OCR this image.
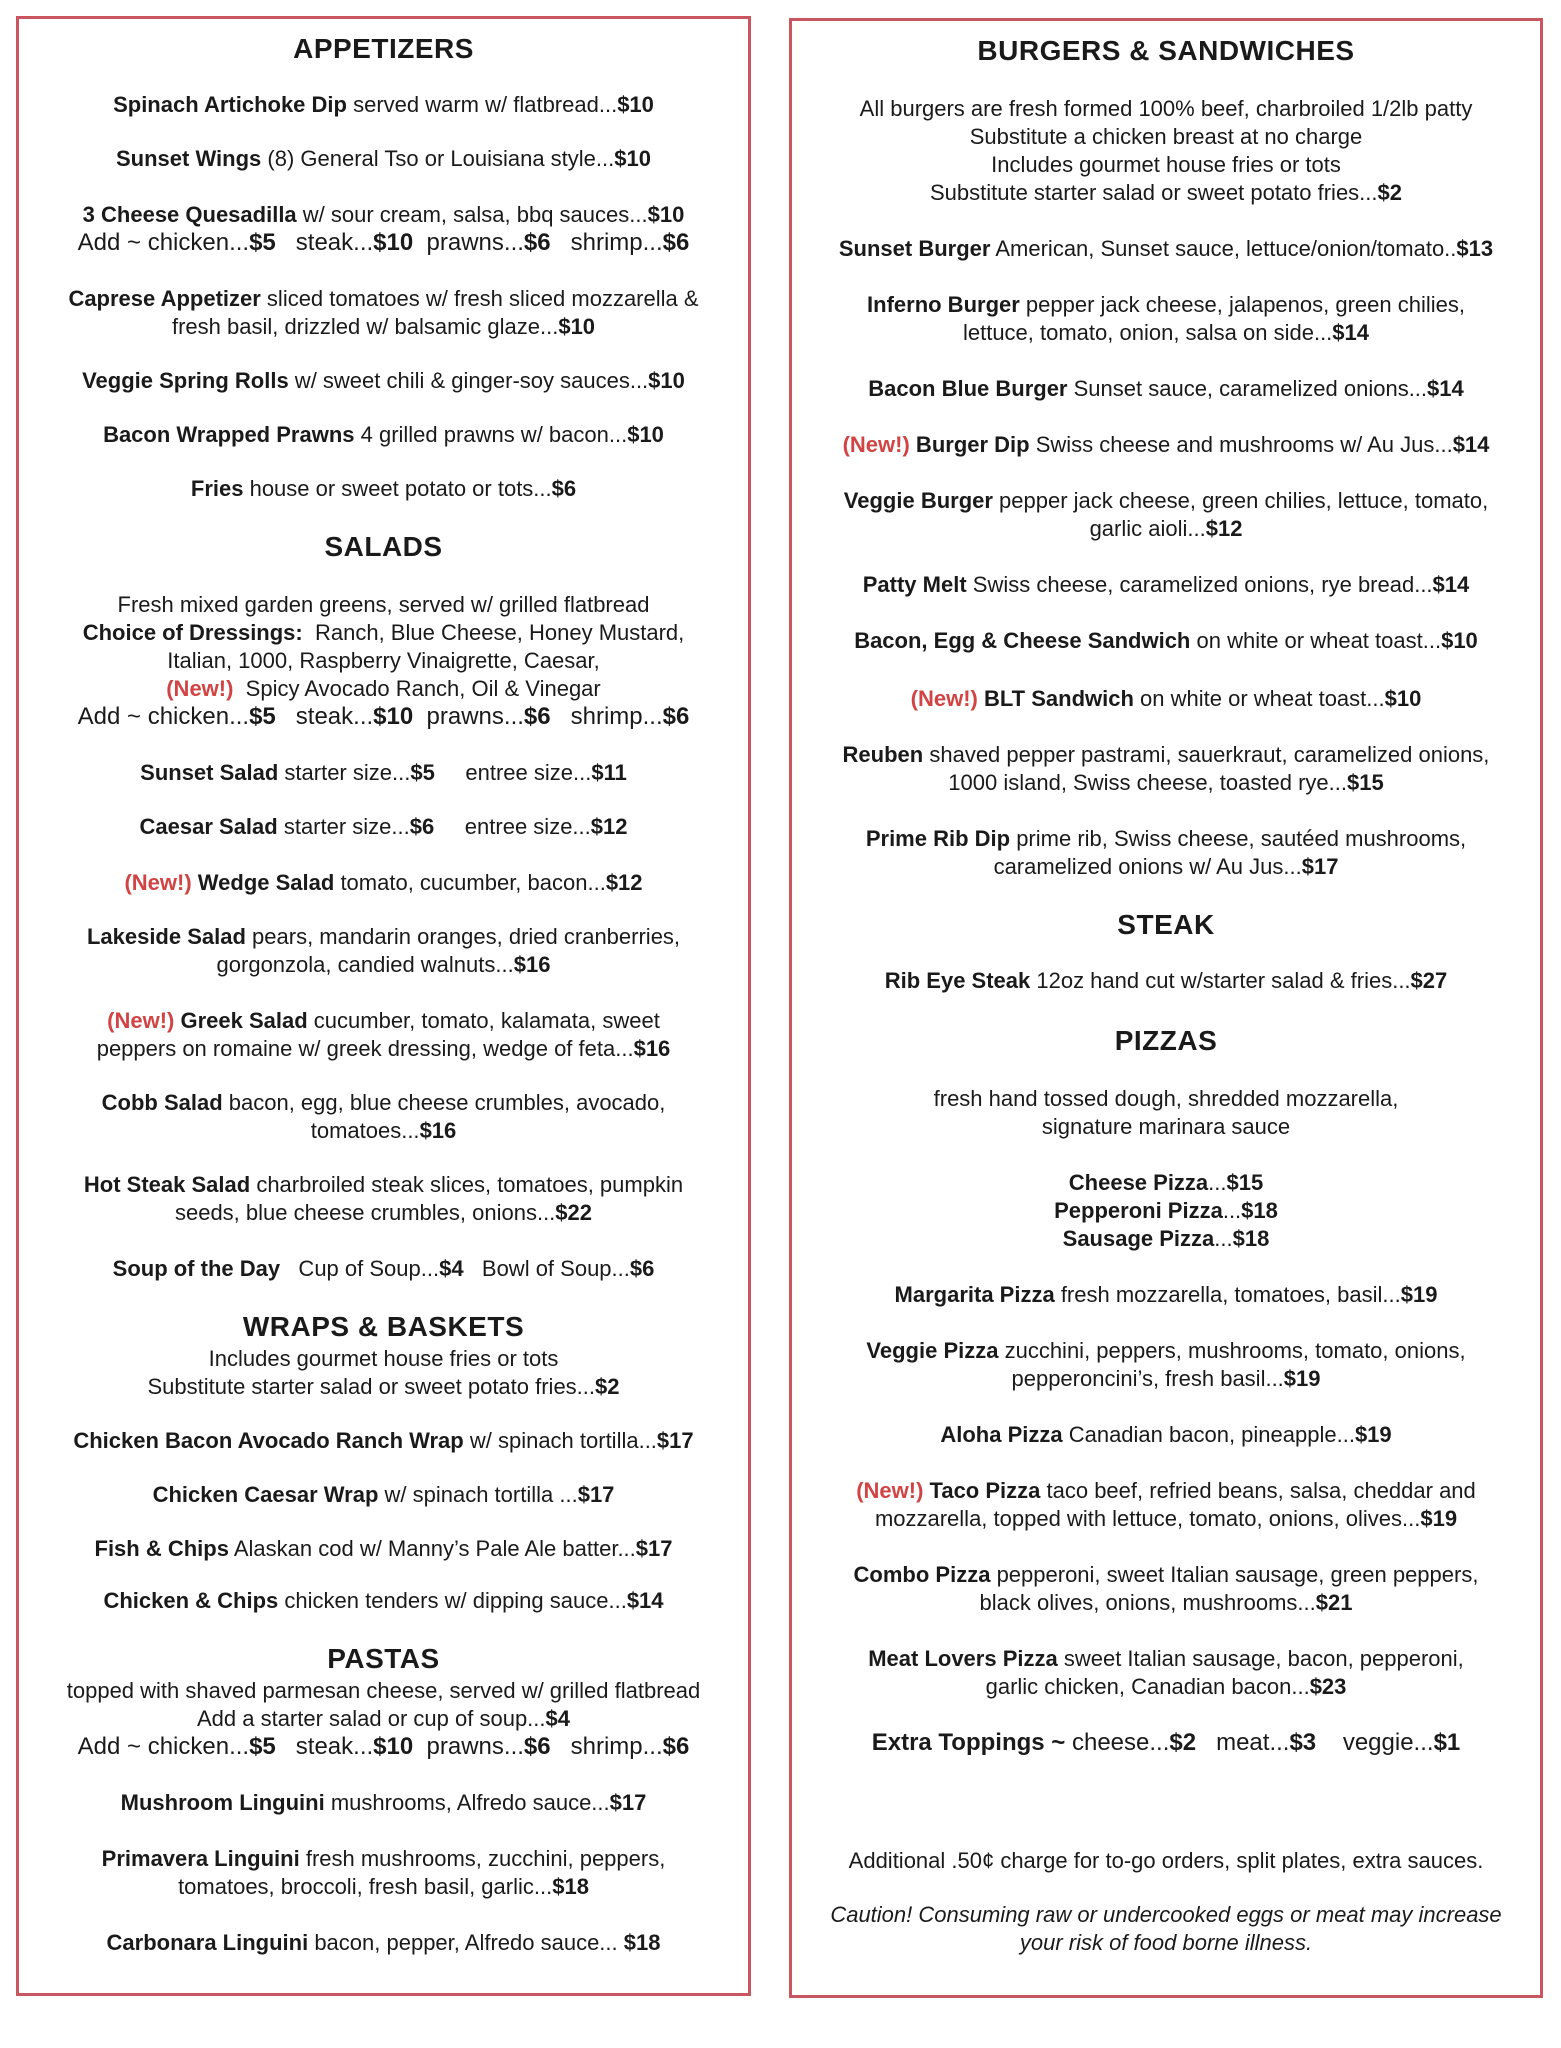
APPETIZERS
Spinach Artichoke Dip served warm w/ flatbread...$10
Sunset Wings (8) General Tso or Louisiana style...$10
3 Cheese Quesadilla w/ sour cream, salsa, bbq sauces...$10
Add ~ chicken...$5   steak...$10  prawns...$6   shrimp...$6
Caprese Appetizer sliced tomatoes w/ fresh sliced mozzarella &
fresh basil, drizzled w/ balsamic glaze...$10
Veggie Spring Rolls w/ sweet chili & ginger-soy sauces...$10
Bacon Wrapped Prawns 4 grilled prawns w/ bacon...$10
Fries house or sweet potato or tots...$6
SALADS
Fresh mixed garden greens, served w/ grilled flatbread
Choice of Dressings:  Ranch, Blue Cheese, Honey Mustard,
Italian, 1000, Raspberry Vinaigrette, Caesar,
(New!)  Spicy Avocado Ranch, Oil & Vinegar
Add ~ chicken...$5   steak...$10  prawns...$6   shrimp...$6
Sunset Salad starter size...$5     entree size...$11
Caesar Salad starter size...$6     entree size...$12
(New!) Wedge Salad tomato, cucumber, bacon...$12
Lakeside Salad pears, mandarin oranges, dried cranberries,
gorgonzola, candied walnuts...$16
(New!) Greek Salad cucumber, tomato, kalamata, sweet
peppers on romaine w/ greek dressing, wedge of feta...$16
Cobb Salad bacon, egg, blue cheese crumbles, avocado,
tomatoes...$16
Hot Steak Salad charbroiled steak slices, tomatoes, pumpkin
seeds, blue cheese crumbles, onions...$22
Soup of the Day   Cup of Soup...$4   Bowl of Soup...$6
WRAPS & BASKETS
Includes gourmet house fries or tots
Substitute starter salad or sweet potato fries...$2
Chicken Bacon Avocado Ranch Wrap w/ spinach tortilla...$17
Chicken Caesar Wrap w/ spinach tortilla ...$17
Fish & Chips Alaskan cod w/ Manny’s Pale Ale batter...$17
Chicken & Chips chicken tenders w/ dipping sauce...$14
PASTAS
topped with shaved parmesan cheese, served w/ grilled flatbread
Add a starter salad or cup of soup...$4
Add ~ chicken...$5   steak...$10  prawns...$6   shrimp...$6
Mushroom Linguini mushrooms, Alfredo sauce...$17
Primavera Linguini fresh mushrooms, zucchini, peppers,
tomatoes, broccoli, fresh basil, garlic...$18
Carbonara Linguini bacon, pepper, Alfredo sauce... $18
BURGERS & SANDWICHES
All burgers are fresh formed 100% beef, charbroiled 1/2lb patty
Substitute a chicken breast at no charge
Includes gourmet house fries or tots
Substitute starter salad or sweet potato fries...$2
Sunset Burger American, Sunset sauce, lettuce/onion/tomato..$13
Inferno Burger pepper jack cheese, jalapenos, green chilies,
lettuce, tomato, onion, salsa on side...$14
Bacon Blue Burger Sunset sauce, caramelized onions...$14
(New!) Burger Dip Swiss cheese and mushrooms w/ Au Jus...$14
Veggie Burger pepper jack cheese, green chilies, lettuce, tomato,
garlic aioli...$12
Patty Melt Swiss cheese, caramelized onions, rye bread...$14
Bacon, Egg & Cheese Sandwich on white or wheat toast...$10
(New!) BLT Sandwich on white or wheat toast...$10
Reuben shaved pepper pastrami, sauerkraut, caramelized onions,
1000 island, Swiss cheese, toasted rye...$15
Prime Rib Dip prime rib, Swiss cheese, sautéed mushrooms,
caramelized onions w/ Au Jus...$17
STEAK
Rib Eye Steak 12oz hand cut w/starter salad & fries...$27
PIZZAS
fresh hand tossed dough, shredded mozzarella,
signature marinara sauce
Cheese Pizza...$15
Pepperoni Pizza...$18
Sausage Pizza...$18
Margarita Pizza fresh mozzarella, tomatoes, basil...$19
Veggie Pizza zucchini, peppers, mushrooms, tomato, onions,
pepperoncini’s, fresh basil...$19
Aloha Pizza Canadian bacon, pineapple...$19
(New!) Taco Pizza taco beef, refried beans, salsa, cheddar and
mozzarella, topped with lettuce, tomato, onions, olives...$19
Combo Pizza pepperoni, sweet Italian sausage, green peppers,
black olives, onions, mushrooms...$21
Meat Lovers Pizza sweet Italian sausage, bacon, pepperoni,
garlic chicken, Canadian bacon...$23
Extra Toppings ~ cheese...$2   meat...$3    veggie...$1
Additional .50¢ charge for to-go orders, split plates, extra sauces.
Caution! Consuming raw or undercooked eggs or meat may increase
your risk of food borne illness.
